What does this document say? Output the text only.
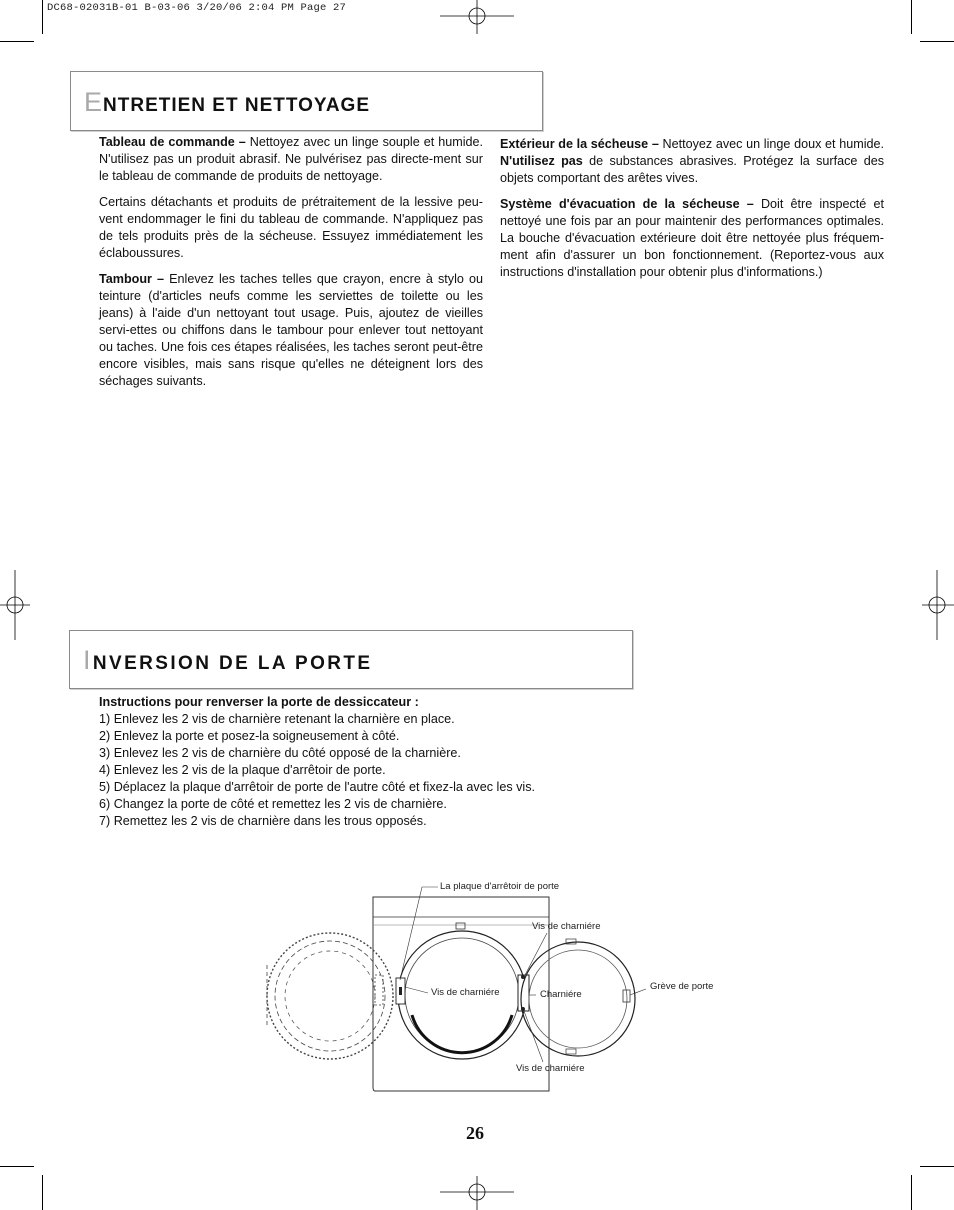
DC68-02031B-01 B-03-06 3/20/06 2:04 PM Page 27
ENTRETIEN ET NETTOYAGE

Tableau de commande – Nettoyez avec un linge souple et humide. N'utilisez pas un produit abrasif. Ne pulvérisez pas directe-ment sur le tableau de commande de produits de nettoyage.

Certains détachants et produits de prétraitement de la lessive peu-vent endommager le fini du tableau de commande. N'appliquez pas de tels produits près de la sécheuse. Essuyez immédiatement les éclaboussures.

Tambour – Enlevez les taches telles que crayon, encre à stylo ou teinture (d'articles neufs comme les serviettes de toilette ou les jeans) à l'aide d'un nettoyant tout usage. Puis, ajoutez de vieilles servi-ettes ou chiffons dans le tambour pour enlever tout nettoyant ou taches. Une fois ces étapes réalisées, les taches seront peut-être encore visibles, mais sans risque qu'elles ne déteignent lors des séchages suivants.

Extérieur de la sécheuse – Nettoyez avec un linge doux et humide. N'utilisez pas de substances abrasives. Protégez la surface des objets comportant des arêtes vives.

Système d'évacuation de la sécheuse – Doit être inspecté et nettoyé une fois par an pour maintenir des performances optimales. La bouche d'évacuation extérieure doit être nettoyée plus fréquem-ment afin d'assurer un bon fonctionnement. (Reportez-vous aux instructions d'installation pour obtenir plus d'informations.)

INVERSION DE LA PORTE
Instructions pour renverser la porte de dessiccateur :
1) Enlevez les 2 vis de charnière retenant la charnière en place.
2) Enlevez la porte et posez-la soigneusement à côté.
3) Enlevez les 2 vis de charnière du côté opposé de la charnière.
4) Enlevez les 2 vis de la plaque d'arrêtoir de porte.
5) Déplacez la plaque d'arrêtoir de porte de l'autre côté et fixez-la avec les vis.
6) Changez la porte de côté et remettez les 2 vis de charnière.
7) Remettez les 2 vis de charnière dans les trous opposés.
La plaque d'arrêtoir de porte
Vis de charniére
Vis de charniére	Charniére
Grève de porte
Vis de charniére
26
